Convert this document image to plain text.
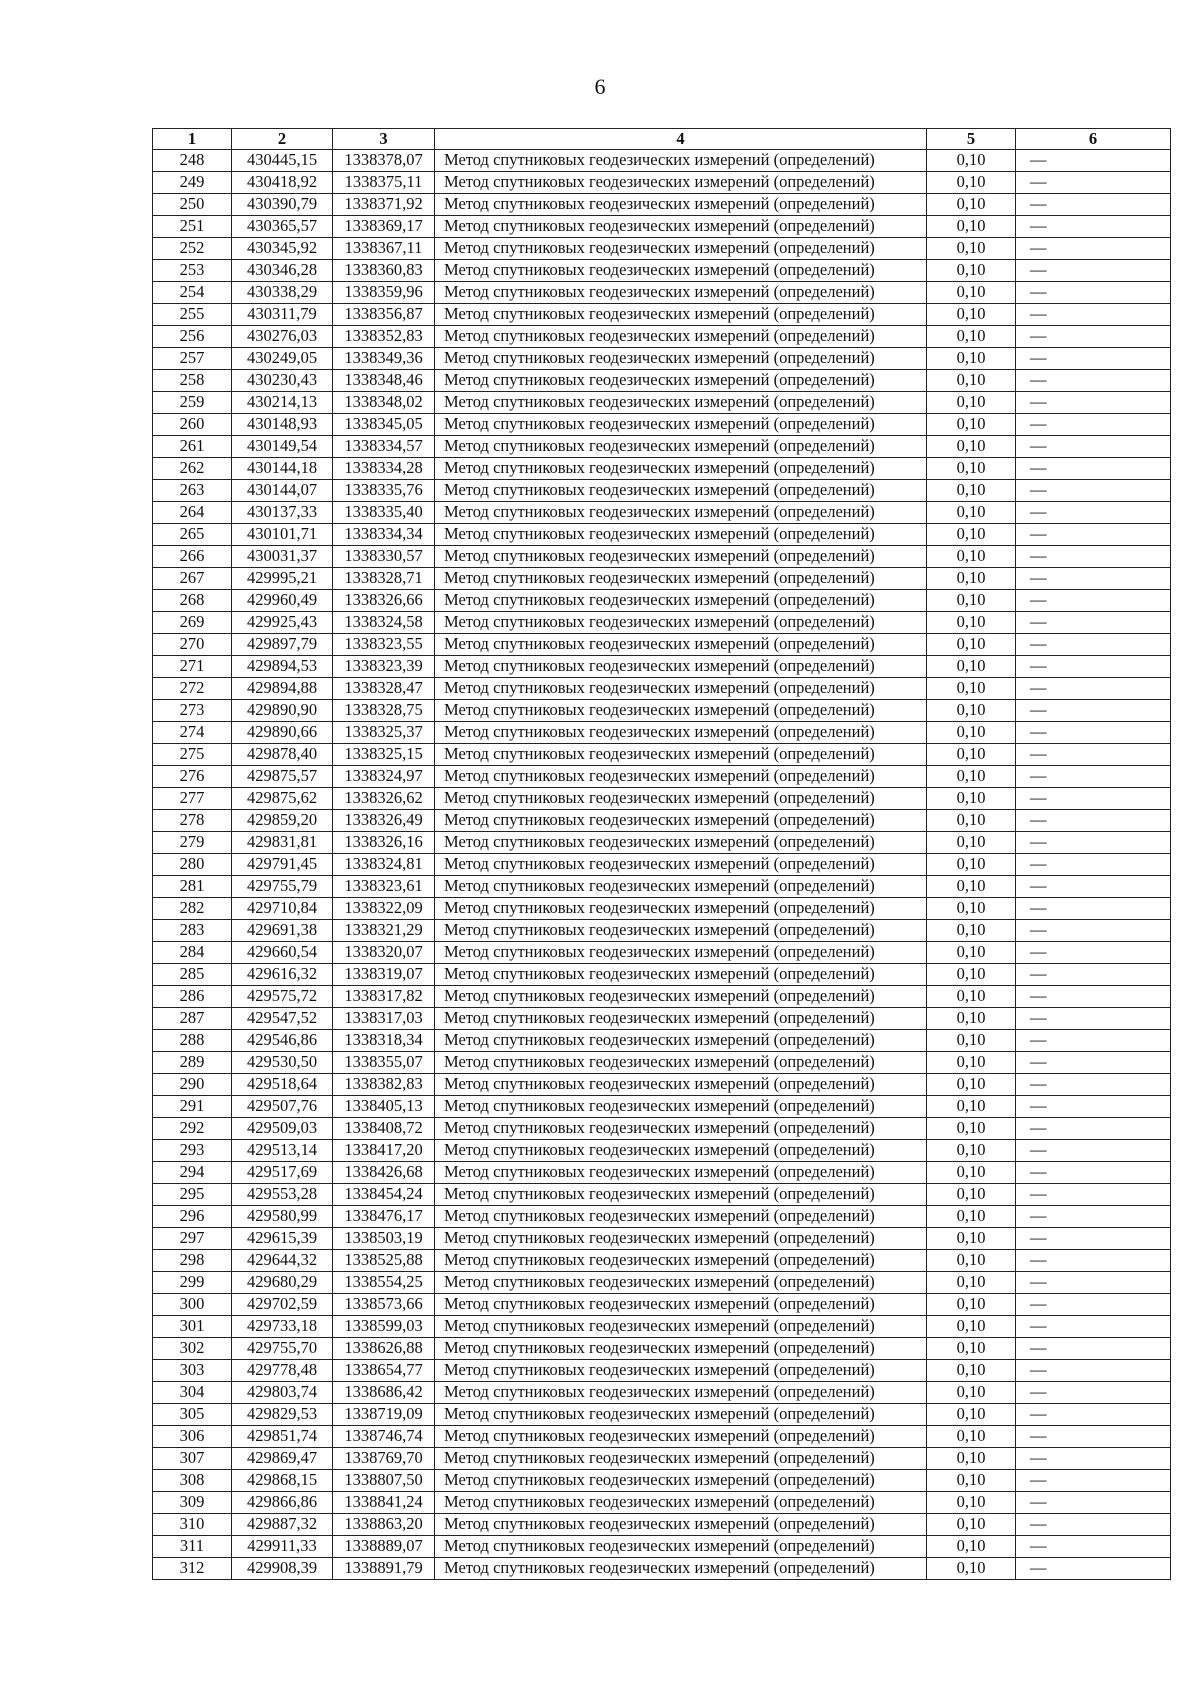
6
1	2	3	4	5	6
248	430445,15	1338378,07	Метод спутниковых геодезических измерений (определений)	0,10	—
249	430418,92	1338375,11	Метод спутниковых геодезических измерений (определений)	0,10	—
250	430390,79	1338371,92	Метод спутниковых геодезических измерений (определений)	0,10	—
251	430365,57	1338369,17	Метод спутниковых геодезических измерений (определений)	0,10	—
252	430345,92	1338367,11	Метод спутниковых геодезических измерений (определений)	0,10	—
253	430346,28	1338360,83	Метод спутниковых геодезических измерений (определений)	0,10	—
254	430338,29	1338359,96	Метод спутниковых геодезических измерений (определений)	0,10	—
255	430311,79	1338356,87	Метод спутниковых геодезических измерений (определений)	0,10	—
256	430276,03	1338352,83	Метод спутниковых геодезических измерений (определений)	0,10	—
257	430249,05	1338349,36	Метод спутниковых геодезических измерений (определений)	0,10	—
258	430230,43	1338348,46	Метод спутниковых геодезических измерений (определений)	0,10	—
259	430214,13	1338348,02	Метод спутниковых геодезических измерений (определений)	0,10	—
260	430148,93	1338345,05	Метод спутниковых геодезических измерений (определений)	0,10	—
261	430149,54	1338334,57	Метод спутниковых геодезических измерений (определений)	0,10	—
262	430144,18	1338334,28	Метод спутниковых геодезических измерений (определений)	0,10	—
263	430144,07	1338335,76	Метод спутниковых геодезических измерений (определений)	0,10	—
264	430137,33	1338335,40	Метод спутниковых геодезических измерений (определений)	0,10	—
265	430101,71	1338334,34	Метод спутниковых геодезических измерений (определений)	0,10	—
266	430031,37	1338330,57	Метод спутниковых геодезических измерений (определений)	0,10	—
267	429995,21	1338328,71	Метод спутниковых геодезических измерений (определений)	0,10	—
268	429960,49	1338326,66	Метод спутниковых геодезических измерений (определений)	0,10	—
269	429925,43	1338324,58	Метод спутниковых геодезических измерений (определений)	0,10	—
270	429897,79	1338323,55	Метод спутниковых геодезических измерений (определений)	0,10	—
271	429894,53	1338323,39	Метод спутниковых геодезических измерений (определений)	0,10	—
272	429894,88	1338328,47	Метод спутниковых геодезических измерений (определений)	0,10	—
273	429890,90	1338328,75	Метод спутниковых геодезических измерений (определений)	0,10	—
274	429890,66	1338325,37	Метод спутниковых геодезических измерений (определений)	0,10	—
275	429878,40	1338325,15	Метод спутниковых геодезических измерений (определений)	0,10	—
276	429875,57	1338324,97	Метод спутниковых геодезических измерений (определений)	0,10	—
277	429875,62	1338326,62	Метод спутниковых геодезических измерений (определений)	0,10	—
278	429859,20	1338326,49	Метод спутниковых геодезических измерений (определений)	0,10	—
279	429831,81	1338326,16	Метод спутниковых геодезических измерений (определений)	0,10	—
280	429791,45	1338324,81	Метод спутниковых геодезических измерений (определений)	0,10	—
281	429755,79	1338323,61	Метод спутниковых геодезических измерений (определений)	0,10	—
282	429710,84	1338322,09	Метод спутниковых геодезических измерений (определений)	0,10	—
283	429691,38	1338321,29	Метод спутниковых геодезических измерений (определений)	0,10	—
284	429660,54	1338320,07	Метод спутниковых геодезических измерений (определений)	0,10	—
285	429616,32	1338319,07	Метод спутниковых геодезических измерений (определений)	0,10	—
286	429575,72	1338317,82	Метод спутниковых геодезических измерений (определений)	0,10	—
287	429547,52	1338317,03	Метод спутниковых геодезических измерений (определений)	0,10	—
288	429546,86	1338318,34	Метод спутниковых геодезических измерений (определений)	0,10	—
289	429530,50	1338355,07	Метод спутниковых геодезических измерений (определений)	0,10	—
290	429518,64	1338382,83	Метод спутниковых геодезических измерений (определений)	0,10	—
291	429507,76	1338405,13	Метод спутниковых геодезических измерений (определений)	0,10	—
292	429509,03	1338408,72	Метод спутниковых геодезических измерений (определений)	0,10	—
293	429513,14	1338417,20	Метод спутниковых геодезических измерений (определений)	0,10	—
294	429517,69	1338426,68	Метод спутниковых геодезических измерений (определений)	0,10	—
295	429553,28	1338454,24	Метод спутниковых геодезических измерений (определений)	0,10	—
296	429580,99	1338476,17	Метод спутниковых геодезических измерений (определений)	0,10	—
297	429615,39	1338503,19	Метод спутниковых геодезических измерений (определений)	0,10	—
298	429644,32	1338525,88	Метод спутниковых геодезических измерений (определений)	0,10	—
299	429680,29	1338554,25	Метод спутниковых геодезических измерений (определений)	0,10	—
300	429702,59	1338573,66	Метод спутниковых геодезических измерений (определений)	0,10	—
301	429733,18	1338599,03	Метод спутниковых геодезических измерений (определений)	0,10	—
302	429755,70	1338626,88	Метод спутниковых геодезических измерений (определений)	0,10	—
303	429778,48	1338654,77	Метод спутниковых геодезических измерений (определений)	0,10	—
304	429803,74	1338686,42	Метод спутниковых геодезических измерений (определений)	0,10	—
305	429829,53	1338719,09	Метод спутниковых геодезических измерений (определений)	0,10	—
306	429851,74	1338746,74	Метод спутниковых геодезических измерений (определений)	0,10	—
307	429869,47	1338769,70	Метод спутниковых геодезических измерений (определений)	0,10	—
308	429868,15	1338807,50	Метод спутниковых геодезических измерений (определений)	0,10	—
309	429866,86	1338841,24	Метод спутниковых геодезических измерений (определений)	0,10	—
310	429887,32	1338863,20	Метод спутниковых геодезических измерений (определений)	0,10	—
311	429911,33	1338889,07	Метод спутниковых геодезических измерений (определений)	0,10	—
312	429908,39	1338891,79	Метод спутниковых геодезических измерений (определений)	0,10	—
